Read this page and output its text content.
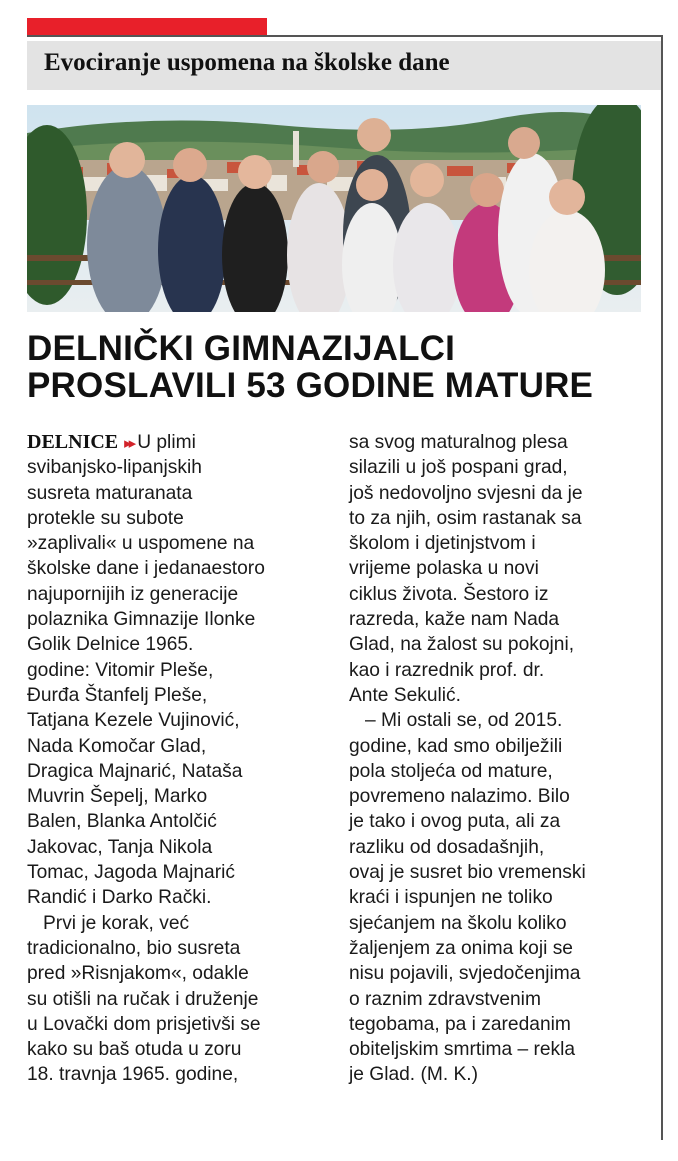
Evociranje uspomena na školske dane
DELNIČKI GIMNAZIJALCI
PROSLAVILI 53 GODINE MATURE
DELNICE ▸▸ U plimi
svibanjsko-lipanjskih
susreta maturanata
protekle su subote
»zaplivali« u uspomene na
školske dane i jedanaestoro
najupornijih iz generacije
polaznika Gimnazije Ilonke
Golik Delnice 1965.
godine: Vitomir Pleše,
Đurđa Štanfelj Pleše,
Tatjana Kezele Vujinović,
Nada Komočar Glad,
Dragica Majnarić, Nataša
Muvrin Šepelj, Marko
Balen, Blanka Antolčić
Jakovac, Tanja Nikola
Tomac, Jagoda Majnarić
Randić i Darko Rački.
Prvi je korak, već
tradicionalno, bio susreta
pred »Risnjakom«, odakle
su otišli na ručak i druženje
u Lovački dom prisjetivši se
kako su baš otuda u zoru
18. travnja 1965. godine,
sa svog maturalnog plesa
silazili u još pospani grad,
još nedovoljno svjesni da je
to za njih, osim rastanak sa
školom i djetinjstvom i
vrijeme polaska u novi
ciklus života. Šestoro iz
razreda, kaže nam Nada
Glad, na žalost su pokojni,
kao i razrednik prof. dr.
Ante Sekulić.
– Mi ostali se, od 2015.
godine, kad smo obilježili
pola stoljeća od mature,
povremeno nalazimo. Bilo
je tako i ovog puta, ali za
razliku od dosadašnjih,
ovaj je susret bio vremenski
kraći i ispunjen ne toliko
sjećanjem na školu koliko
žaljenjem za onima koji se
nisu pojavili, svjedočenjima
o raznim zdravstvenim
tegobama, pa i zaredanim
obiteljskim smrtima – rekla
je Glad. (M. K.)
